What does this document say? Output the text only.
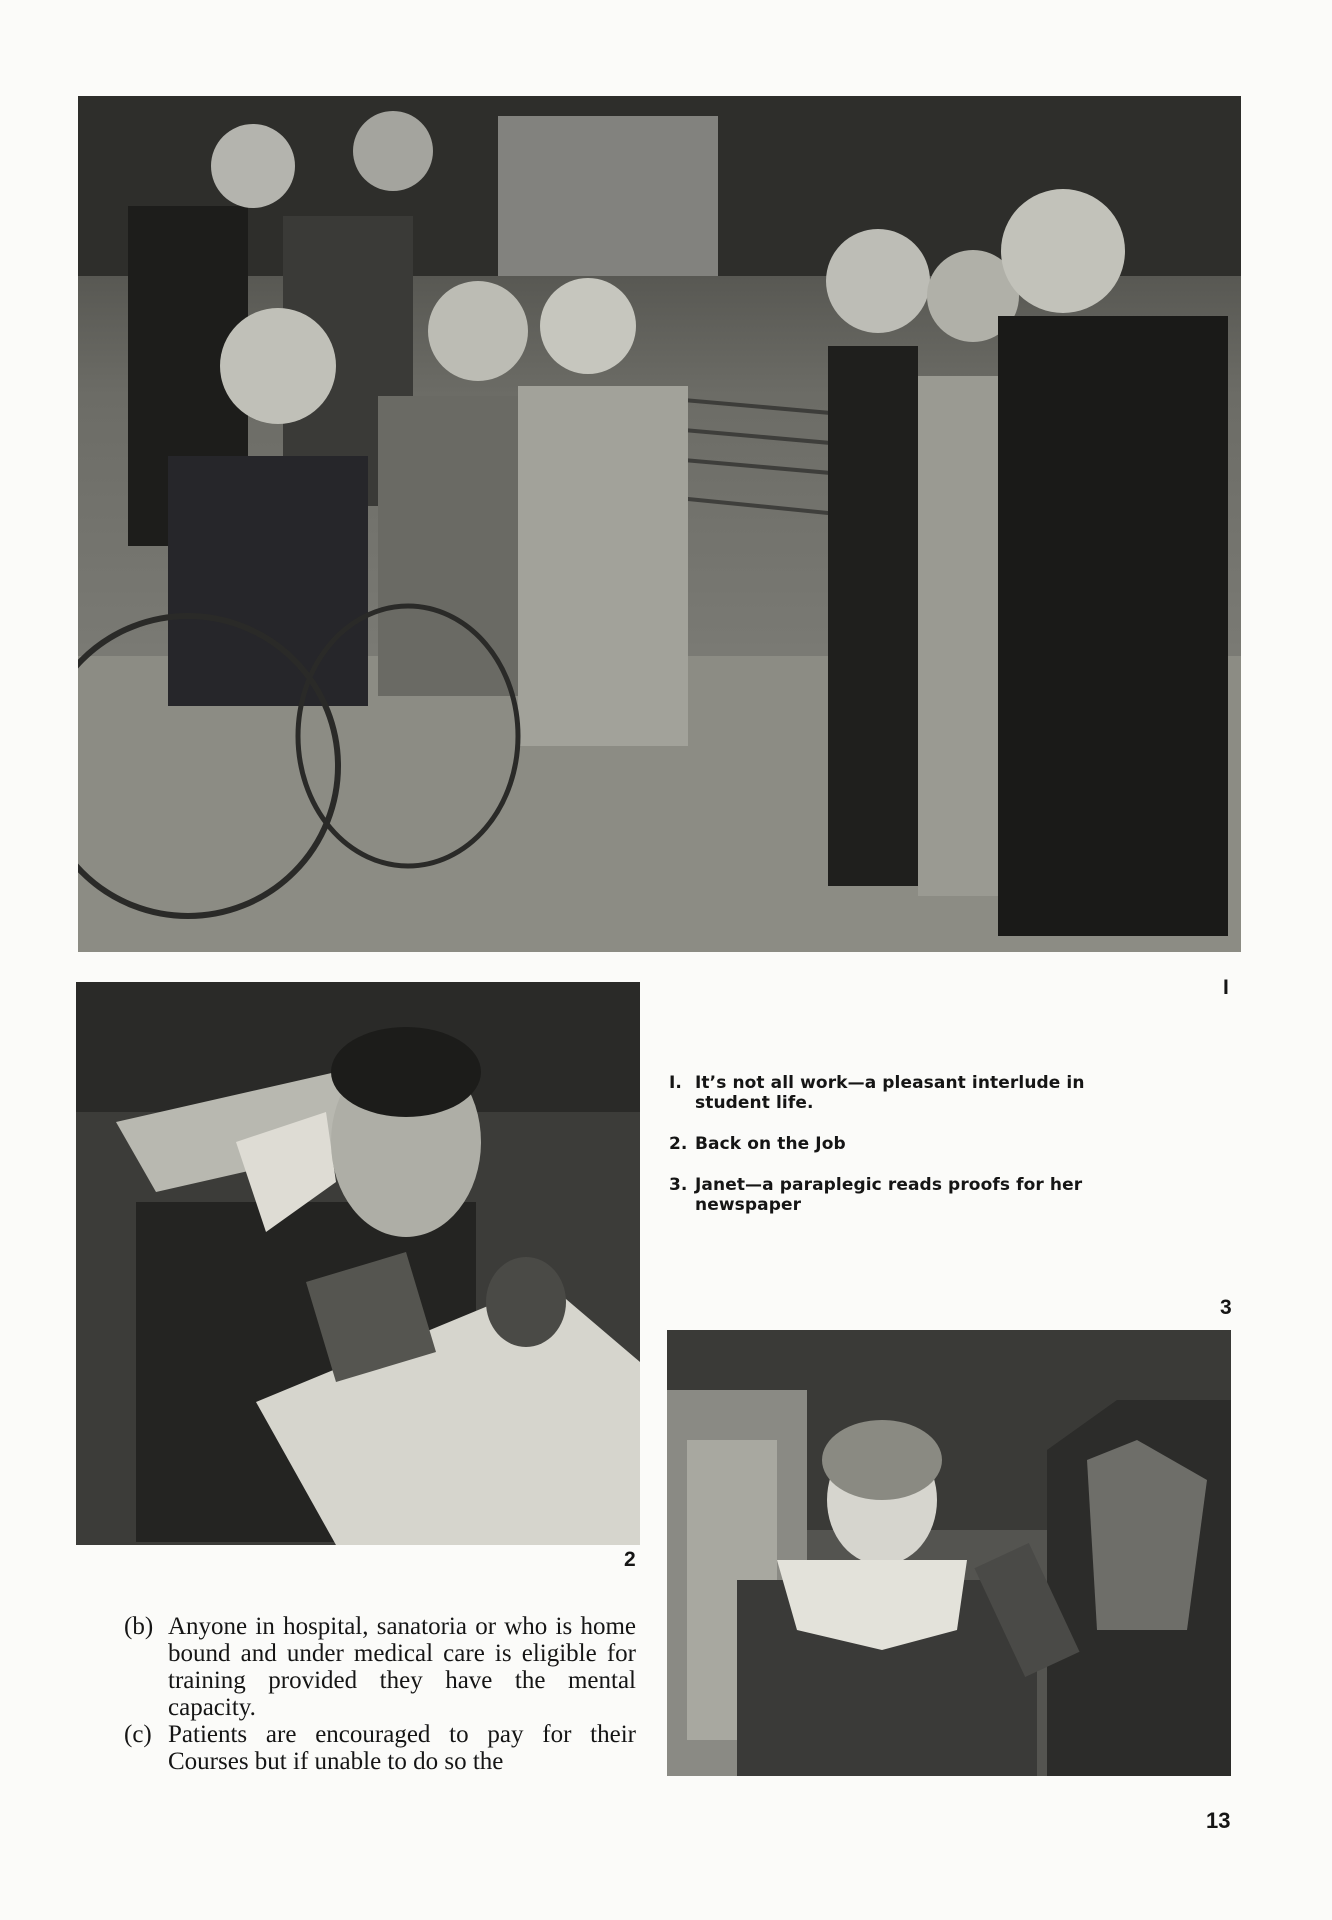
I
2
3
I. It’s not all work—a pleasant interlude in student life.
2. Back on the Job
3. Janet—a paraplegic reads proofs for her newspaper
(b) Anyone in hospital, sanatoria or who is home bound and under medical care is eligible for training provided they have the mental capacity.
(c) Patients are encouraged to pay for their Courses but if unable to do so the
13
